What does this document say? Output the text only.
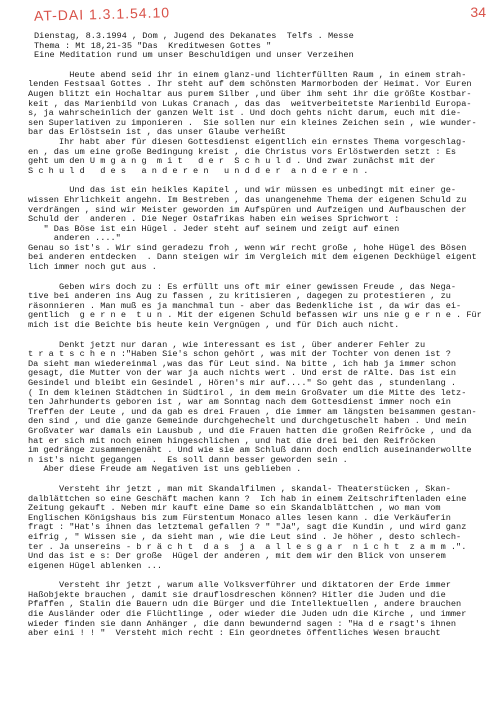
AT-DAI 1.3.1.54.10	34
Dienstag, 8.3.1994 , Dom , Jugend des Dekanates  Telfs . Messe
Thema : Mt 18,21-35 "Das  Kreditwesen Gottes "
Eine Meditation rund um unser Beschuldigen und unser Verzeihen
Heute abend seid ihr in einem glanz-und lichterfüllten Raum , in einem strah-
lenden Festsaal Gottes . Ihr steht auf dem schönsten Marmorboden der Heimat. Vor Euren
Augen blitzt ein Hochaltar aus purem Silber ,und über ihm seht ihr die größte Kostbar-
keit , das Marienbild von Lukas Cranach , das das  weitverbeitetste Marienbild Europa-
s, ja wahrscheinlich der ganzen Welt ist . Und doch gehts nicht darum, euch mit die-
sen Superlativen zu imponieren .  Sie sollen nur ein kleines Zeichen sein , wie wunder-
bar das Erlöstsein ist , das unser Glaube verheißt
Ihr habt aber für diesen Gottesdienst eigentlich ein ernstes Thema vorgeschlag-
en , das um eine große Bedingung kreist , die Christus vors Erlöstwerden setzt : Es
geht um den U m g a n g  m i t   d e r  S c h u l d . Und zwar zunächst mit der
S c h u l d   d e s   a n d e r e n   u n d d e r  a n d e r e n .
Und das ist ein heikles Kapitel , und wir müssen es unbedingt mit einer ge-
wissen Ehrlichkeit angehn. Im Bestreben , das unangenehme Thema der eigenen Schuld zu
verdrängen , sind wir Meister geworden im Aufspüren und Aufzeigen und Aufbauschen der
Schuld der  anderen . Die Neger Ostafrikas haben ein weises Sprichwort :
" Das Böse ist ein Hügel . Jeder steht auf seinem und zeigt auf einen
anderen ...."
Genau so ist's . Wir sind geradezu froh , wenn wir recht große , hohe Hügel des Bösen
bei anderen entdecken  . Dann steigen wir im Vergleich mit dem eigenen Deckhügel eigent
lich immer noch gut aus .
Geben wirs doch zu : Es erfüllt uns oft mir einer gewissen Freude , das Nega-
tive bei anderen ins Aug zu fassen , zu kritisieren , dagegen zu protestieren , zu
räsonnieren . Man muß es ja manchmal tun - aber das Bedenkliche ist , da wir das ei-
gentlich  g e r n e  t u n . Mit der eigenen Schuld befassen wir uns nie g e r n e . Für
mich ist die Beichte bis heute kein Vergnügen , und für Dich auch nicht.
Denkt jetzt nur daran , wie interessant es ist , über anderer Fehler zu
t r a t s c h e n :"Haben Sie's schon gehört , was mit der Tochter von denen ist ?
Da sieht man wiedereinmal ,was das für Leut sind. Na bitte , ich hab ja immer schon
gesagt, die Mutter von der war ja auch nichts wert . Und erst de rAlte. Das ist ein
Gesindel und bleibt ein Gesindel , Hören's mir auf...." So geht das , stundenlang .
( In dem kleinen Städtchen in Südtirol , in dem mein Großvater um die Mitte des letz-
ten Jahrhunderts geboren ist , war am Sonntag nach dem Gottesdienst immer noch ein
Treffen der Leute , und da gab es drei Frauen , die immer am längsten beisammen gestan-
den sind , und die ganze Gemeinde durchgehechelt und durchgetuschelt haben . Und mein
Großvater war damals ein Lausbub , und die Frauen hatten die großen Reifröcke , und da
hat er sich mit noch einem hingeschlichen , und hat die drei bei den Reifröcken
im gedränge zusammengenäht . Und wie sie am Schluß dann doch endlich auseinanderwollte
n ist's nicht gegangen  .  Es soll dann besser geworden sein .
Aber diese Freude am Negativen ist uns geblieben .
Versteht ihr jetzt , man mit Skandalfilmen , skandal- Theaterstücken , Skan-
dalblättchen so eine Geschäft machen kann ?  Ich hab in einem Zeitschriftenladen eine
Zeitung gekauft . Neben mir kauft eine Dame so ein Skandalblättchen , wo man vom
Englischen Königshaus bis zum Fürstentum Monaco alles lesen kann . die Verkäuferin
fragt : "Hat's ihnen das letztemal gefallen ? " "Ja", sagt die Kundin , und wird ganz
eifrig , " Wissen sie , da sieht man , wie die Leut sind . Je höher , desto schlech-
ter . Ja unsereins - b r ä c h t  d a s  j a  a l l e s g a r  n i c h t  z a m m .".
Und das ist e s: Der große  Hügel der anderen , mit dem wir den Blick von unserem
eigenen Hügel ablenken ...
Versteht ihr jetzt , warum alle Volksverführer und diktatoren der Erde immer
Haßobjekte brauchen , damit sie drauflosdreschen können? Hitler die Juden und die
Pfaffen , Stalin die Bauern udn die Bürger und die Intellektuellen , andere brauchen
die Ausländer oder die Flüchtlinge , oder wieder die Juden udn die Kirche , und immer
wieder finden sie dann Anhänger , die dann bewundernd sagen : "Ha d e rsagt's ihnen
aber eini ! ! "  Versteht mich recht : Ein geordnetes öffentliches Wesen braucht
